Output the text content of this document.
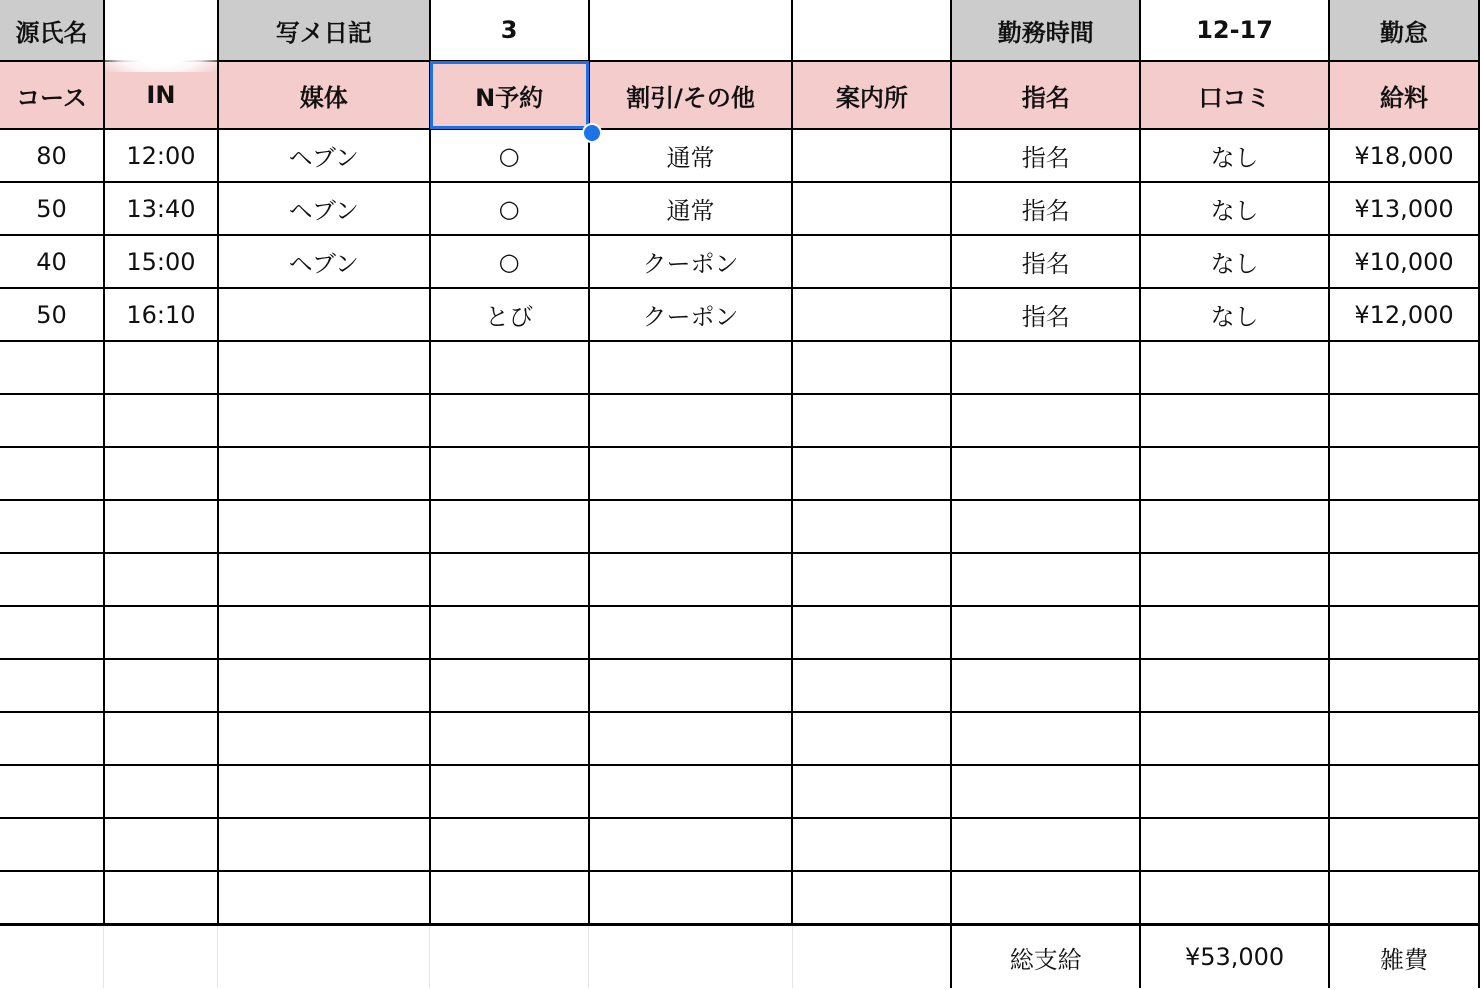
源氏名		写メ日記	3			勤務時間	12-17	勤怠
コース	IN	媒体	N予約	割引/その他	案内所	指名	口コミ	給料
80	12:00	ヘブン	○	通常		指名	なし	¥18,000
50	13:40	ヘブン	○	通常		指名	なし	¥13,000
40	15:00	ヘブン	○	クーポン		指名	なし	¥10,000
50	16:10		とび	クーポン		指名	なし	¥12,000

						総支給	¥53,000	雑費
